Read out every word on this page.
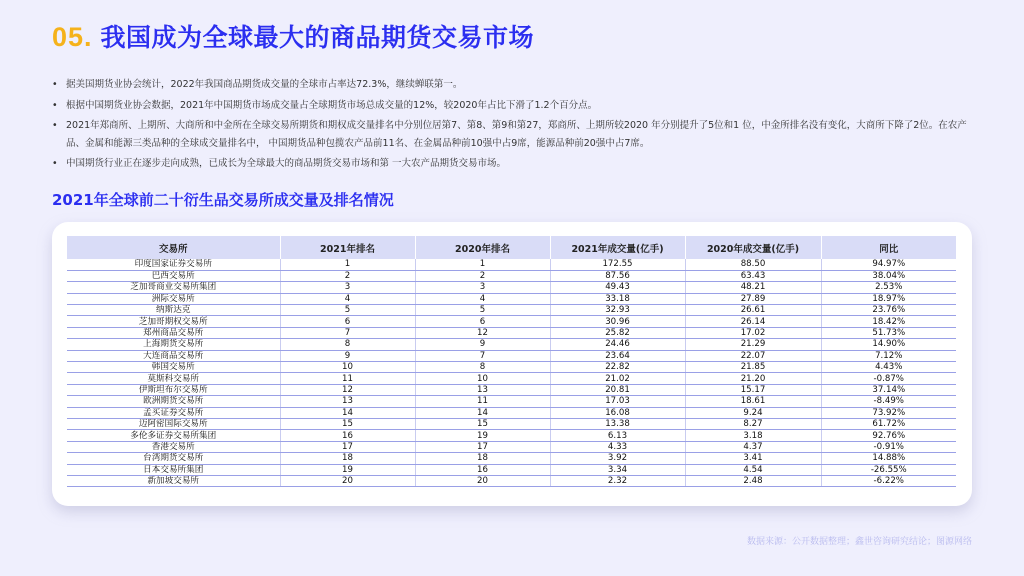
05. 我国成为全球最大的商品期货交易市场
• 据美国期货业协会统计，2022年我国商品期货成交量的全球市占率达72.3%，继续蝉联第一。
• 根据中国期货业协会数据，2021年中国期货市场成交量占全球期货市场总成交量的12%，较2020年占比下滑了1.2个百分点。
• 2021年郑商所、上期所、大商所和中金所在全球交易所期货和期权成交量排名中分别位居第7、第8、第9和第27，郑商所、上期所较2020 年分别提升了5位和1 位，中金所排名没有变化，大商所下降了2位。在农产品、金属和能源三类品种的全球成交量排名中， 中国期货品种包揽农产品前11名、在金属品种前10强中占9席，能源品种前20强中占7席。
• 中国期货行业正在逐步走向成熟，已成长为全球最大的商品期货交易市场和第 一大农产品期货交易市场。
2021年全球前二十衍生品交易所成交量及排名情况
交易所	2021年排名	2020年排名	2021年成交量(亿手)	2020年成交量(亿手)	同比
印度国家证券交易所	1	1	172.55	88.50	94.97%
巴西交易所	2	2	87.56	63.43	38.04%
芝加哥商业交易所集团	3	3	49.43	48.21	2.53%
洲际交易所	4	4	33.18	27.89	18.97%
纳斯达克	5	5	32.93	26.61	23.76%
芝加哥期权交易所	6	6	30.96	26.14	18.42%
郑州商品交易所	7	12	25.82	17.02	51.73%
上海期货交易所	8	9	24.46	21.29	14.90%
大连商品交易所	9	7	23.64	22.07	7.12%
韩国交易所	10	8	22.82	21.85	4.43%
莫斯科交易所	11	10	21.02	21.20	-0.87%
伊斯坦布尔交易所	12	13	20.81	15.17	37.14%
欧洲期货交易所	13	11	17.03	18.61	-8.49%
孟买证券交易所	14	14	16.08	9.24	73.92%
迈阿密国际交易所	15	15	13.38	8.27	61.72%
多伦多证券交易所集团	16	19	6.13	3.18	92.76%
香港交易所	17	17	4.33	4.37	-0.91%
台湾期货交易所	18	18	3.92	3.41	14.88%
日本交易所集团	19	16	3.34	4.54	-26.55%
新加坡交易所	20	20	2.32	2.48	-6.22%
数据来源：公开数据整理；鑫世咨询研究结论；图源网络
